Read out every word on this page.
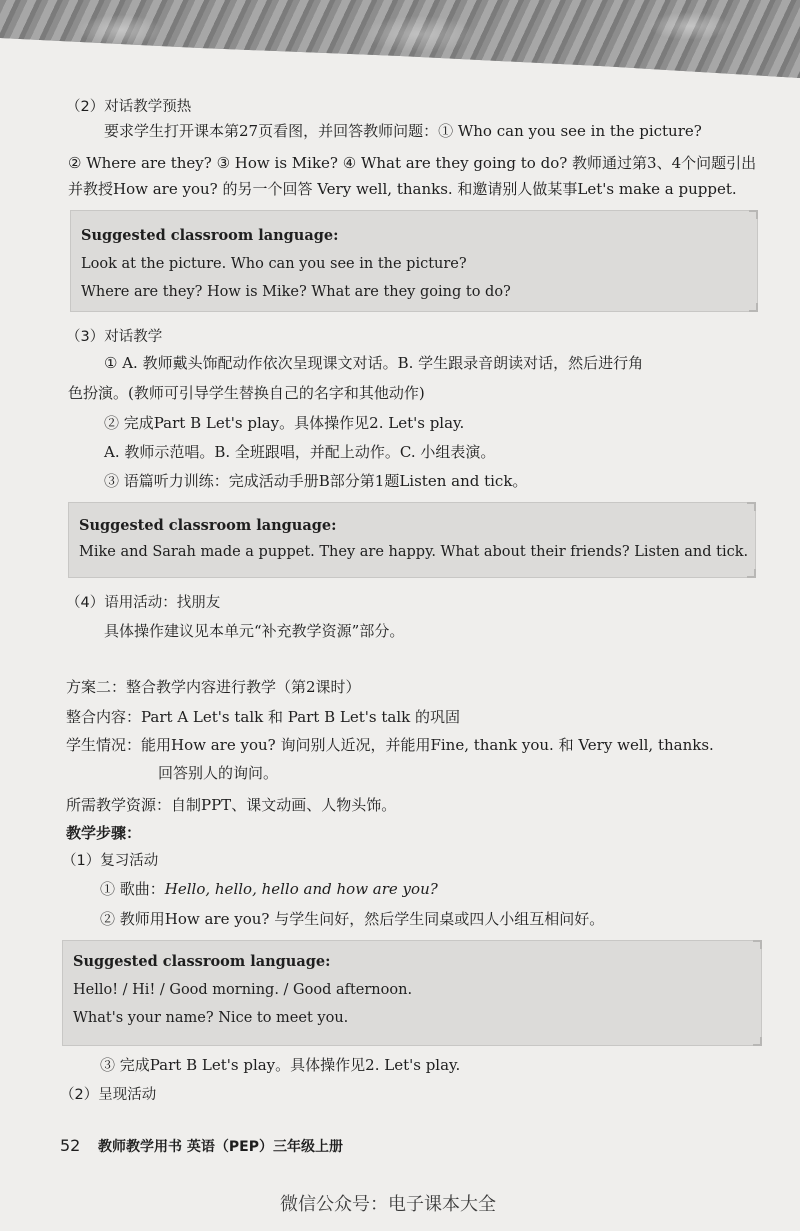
（2）对话教学预热
要求学生打开课本第27页看图，并回答教师问题：① Who can you see in the picture?
② Where are they? ③ How is Mike? ④ What are they going to do? 教师通过第3、4个问题引出
并教授How are you? 的另一个回答 Very well, thanks. 和邀请别人做某事Let's make a puppet.
Suggested classroom language:
Look at the picture. Who can you see in the picture?
Where are they? How is Mike? What are they going to do?
（3）对话教学
① A. 教师戴头饰配动作依次呈现课文对话。B. 学生跟录音朗读对话，然后进行角
色扮演。(教师可引导学生替换自己的名字和其他动作)
② 完成Part B Let's play。具体操作见2. Let's play.
A. 教师示范唱。B. 全班跟唱，并配上动作。C. 小组表演。
③ 语篇听力训练：完成活动手册B部分第1题Listen and tick。
Suggested classroom language:
Mike and Sarah made a puppet. They are happy. What about their friends? Listen and tick.
（4）语用活动：找朋友
具体操作建议见本单元“补充教学资源”部分。
方案二：整合教学内容进行教学（第2课时）
整合内容：Part A Let's talk 和 Part B Let's talk 的巩固
学生情况：能用How are you? 询问别人近况，并能用Fine, thank you. 和 Very well, thanks.
回答别人的询问。
所需教学资源：自制PPT、课文动画、人物头饰。
教学步骤：
（1）复习活动
① 歌曲：Hello, hello, hello and how are you?
② 教师用How are you? 与学生问好，然后学生同桌或四人小组互相问好。
Suggested classroom language:
Hello! / Hi! / Good morning. / Good afternoon.
What's your name? Nice to meet you.
③ 完成Part B Let's play。具体操作见2. Let's play.
（2）呈现活动
52 教师教学用书 英语（PEP）三年级上册
微信公众号：电子课本大全
